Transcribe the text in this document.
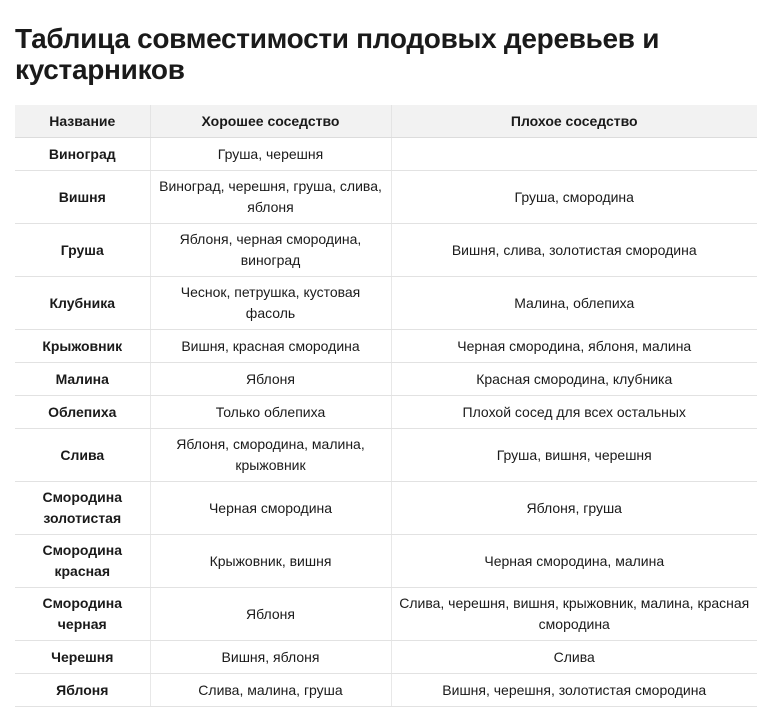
Таблица совместимости плодовых деревьев и кустарников
Название	Хорошее соседство	Плохое соседство
Виноград	Груша, черешня	
Вишня	Виноград, черешня, груша, слива, яблоня	Груша, смородина
Груша	Яблоня, черная смородина, виноград	Вишня, слива, золотистая смородина
Клубника	Чеснок, петрушка, кустовая фасоль	Малина, облепиха
Крыжовник	Вишня, красная смородина	Черная смородина, яблоня, малина
Малина	Яблоня	Красная смородина, клубника
Облепиха	Только облепиха	Плохой сосед для всех остальных
Слива	Яблоня, смородина, малина, крыжовник	Груша, вишня, черешня
Смородина золотистая	Черная смородина	Яблоня, груша
Смородина красная	Крыжовник, вишня	Черная смородина, малина
Смородина черная	Яблоня	Слива, черешня, вишня, крыжовник, малина, красная смородина
Черешня	Вишня, яблоня	Слива
Яблоня	Слива, малина, груша	Вишня, черешня, золотистая смородина
